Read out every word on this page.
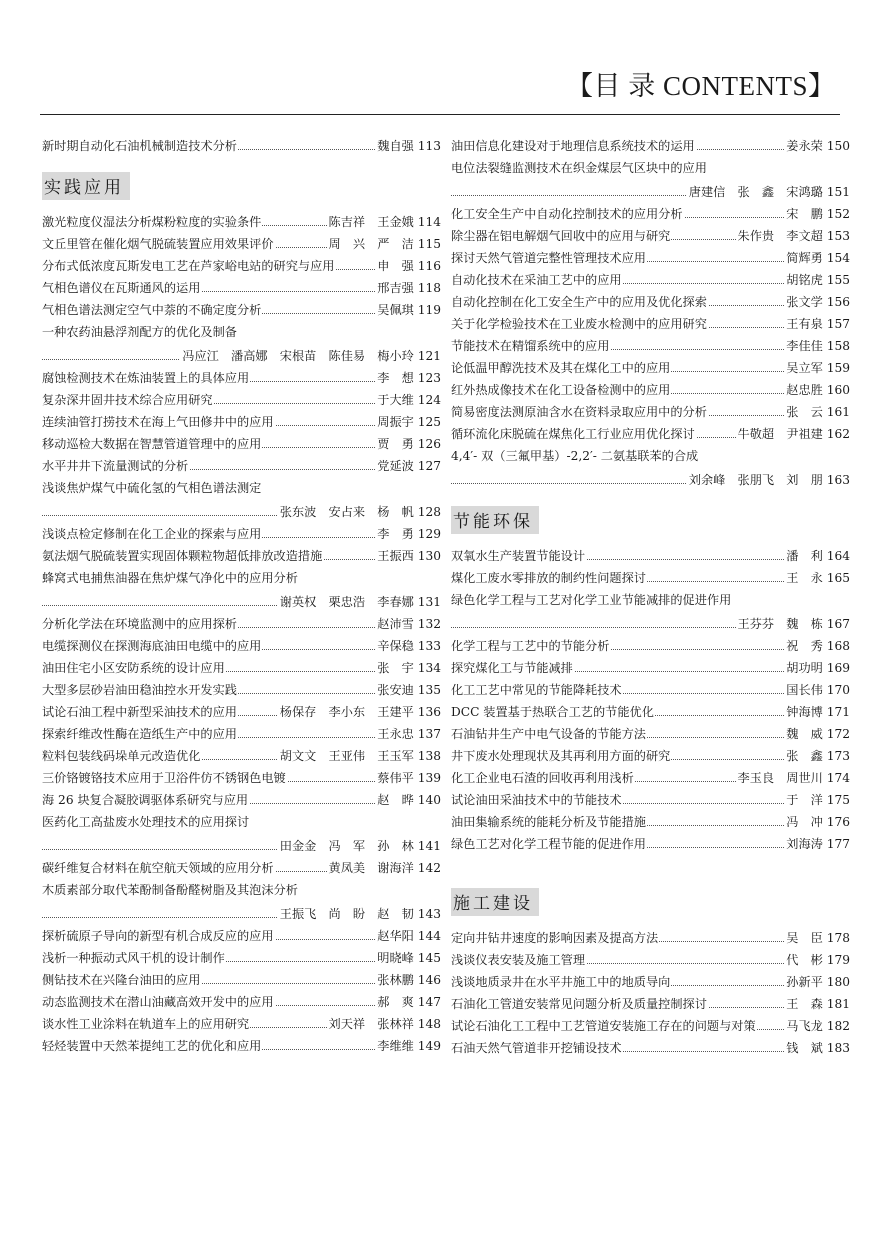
【目 录 CONTENTS】
新时期自动化石油机械制造技术分析	魏自强 113
实践应用
激光粒度仪湿法分析煤粉粒度的实验条件	陈吉祥　王金娥 114
文丘里管在催化烟气脱硫装置应用效果评价	周　兴　严　洁 115
分布式低浓度瓦斯发电工艺在芦家峪电站的研究与应用	申　强 116
气相色谱仪在瓦斯通风的运用	邢吉强 118
气相色谱法测定空气中萘的不确定度分析	吴佩琪 119
一种农药油悬浮剂配方的优化及制备
冯应江　潘高娜　宋根苗　陈佳易　梅小玲 121
腐蚀检测技术在炼油装置上的具体应用	李　想 123
复杂深井固井技术综合应用研究	于大维 124
连续油管打捞技术在海上气田修井中的应用	周振宇 125
移动巡检大数据在智慧管道管理中的应用	贾　勇 126
水平井井下流量测试的分析	党延波 127
浅谈焦炉煤气中硫化氢的气相色谱法测定
张东波　安占来　杨　帆 128
浅谈点检定修制在化工企业的探索与应用	李　勇 129
氨法烟气脱硫装置实现固体颗粒物超低排放改造措施	王振西 130
蜂窝式电捕焦油器在焦炉煤气净化中的应用分析
谢英权　栗忠浩　李春娜 131
分析化学法在环境监测中的应用探析	赵沛雪 132
电缆探测仪在探测海底油田电缆中的应用	辛保稳 133
油田住宅小区安防系统的设计应用	张　宇 134
大型多层砂岩油田稳油控水开发实践	张安迪 135
试论石油工程中新型采油技术的应用	杨保存　李小东　王建平 136
探索纤维改性酶在造纸生产中的应用	王永忠 137
粒料包装线码垛单元改造优化	胡文文　王亚伟　王玉军 138
三价铬镀铬技术应用于卫浴件仿不锈钢色电镀	蔡伟平 139
海 26 块复合凝胶调驱体系研究与应用	赵　晔 140
医药化工高盐废水处理技术的应用探讨
田金金　冯　军　孙　林 141
碳纤维复合材料在航空航天领域的应用分析	黄凤美　谢海洋 142
木质素部分取代苯酚制备酚醛树脂及其泡沫分析
王振飞　尚　盼　赵　韧 143
探析硫原子导向的新型有机合成反应的应用	赵华阳 144
浅析一种振动式风干机的设计制作	明晓峰 145
侧钻技术在兴隆台油田的应用	张林鹏 146
动态监测技术在潜山油藏高效开发中的应用	郝　爽 147
谈水性工业涂料在轨道车上的应用研究	刘天祥　张林祥 148
轻烃装置中天然苯提纯工艺的优化和应用	李维维 149
油田信息化建设对于地理信息系统技术的运用	姜永荣 150
电位法裂缝监测技术在织金煤层气区块中的应用
唐建信　张　鑫　宋鸿璐 151
化工安全生产中自动化控制技术的应用分析	宋　鹏 152
除尘器在铝电解烟气回收中的应用与研究	朱作贵　李文超 153
探讨天然气管道完整性管理技术应用	简辉勇 154
自动化技术在采油工艺中的应用	胡铭虎 155
自动化控制在化工安全生产中的应用及优化探索	张文学 156
关于化学检验技术在工业废水检测中的应用研究	王有泉 157
节能技术在精馏系统中的应用	李佳佳 158
论低温甲醇洗技术及其在煤化工中的应用	吴立军 159
红外热成像技术在化工设备检测中的应用	赵忠胜 160
简易密度法测原油含水在资料录取应用中的分析	张　云 161
循环流化床脱硫在煤焦化工行业应用优化探讨	牛敬超　尹祖建 162
4,4′- 双（三氟甲基）-2,2′- 二氨基联苯的合成
刘余峰　张朋飞　刘　朋 163
节能环保
双氧水生产装置节能设计	潘　利 164
煤化工废水零排放的制约性问题探讨	王　永 165
绿色化学工程与工艺对化学工业节能减排的促进作用
王芬芬　魏　栋 167
化学工程与工艺中的节能分析	祝　秀 168
探究煤化工与节能减排	胡功明 169
化工工艺中常见的节能降耗技术	国长伟 170
DCC 装置基于热联合工艺的节能优化	钟海博 171
石油钻井生产中电气设备的节能方法	魏　威 172
井下废水处理现状及其再利用方面的研究	张　鑫 173
化工企业电石渣的回收再利用浅析	李玉良　周世川 174
试论油田采油技术中的节能技术	于　洋 175
油田集输系统的能耗分析及节能措施	冯　冲 176
绿色工艺对化学工程节能的促进作用	刘海涛 177
施工建设
定向井钻井速度的影响因素及提高方法	吴　臣 178
浅谈仪表安装及施工管理	代　彬 179
浅谈地质录井在水平井施工中的地质导向	孙新平 180
石油化工管道安装常见问题分析及质量控制探讨	王　森 181
试论石油化工工程中工艺管道安装施工存在的问题与对策	马飞龙 182
石油天然气管道非开挖铺设技术	钱　斌 183
